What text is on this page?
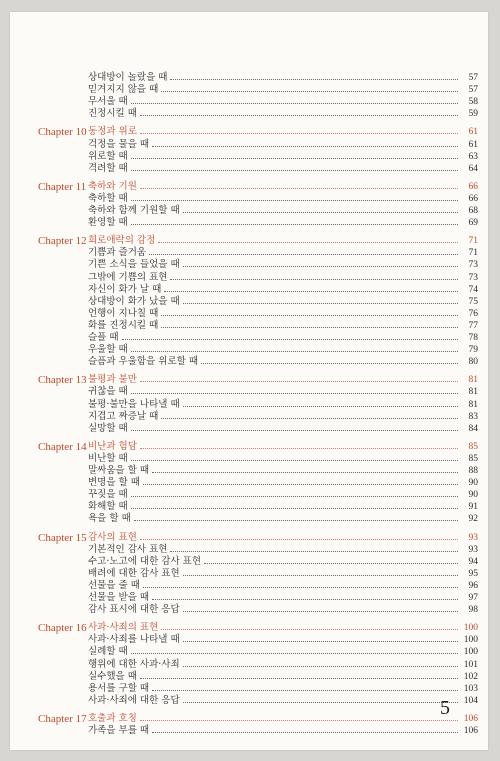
상대방이 놀랐을 때	57
믿겨지지 않을 때	57
무서울 때	58
진정시킬 때	59
Chapter 10 동정과 위로	61
걱정을 물을 때	61
위로할 때	63
격려할 때	64
Chapter 11 축하와 기원	66
축하할 때	66
축하와 함께 기원할 때	68
환영할 때	69
Chapter 12 희로애락의 감정	71
기쁨과 즐거움	71
기쁜 소식을 들었을 때	73
그밖에 기쁨의 표현	73
자신이 화가 날 때	74
상대방이 화가 났을 때	75
언행이 지나칠 때	76
화를 진정시킬 때	77
슬플 때	78
우울할 때	79
슬픔과 우울함을 위로할 때	80
Chapter 13 불평과 불만	81
귀찮을 때	81
불평·불만을 나타낼 때	81
지겹고 짜증날 때	83
실망할 때	84
Chapter 14 비난과 험담	85
비난할 때	85
말싸움을 할 때	88
변명을 할 때	90
꾸짖을 때	90
화해할 때	91
욕을 할 때	92
Chapter 15 감사의 표현	93
기본적인 감사 표현	93
수고·노고에 대한 감사 표현	94
배려에 대한 감사 표현	95
선물을 줄 때	96
선물을 받을 때	97
감사 표시에 대한 응답	98
Chapter 16 사과·사죄의 표현	100
사과·사죄를 나타낼 때	100
실례할 때	100
행위에 대한 사과·사죄	101
실수했을 때	102
용서를 구할 때	103
사과·사죄에 대한 응답	104
Chapter 17 호출과 호칭	106
가족을 부를 때	106
5
